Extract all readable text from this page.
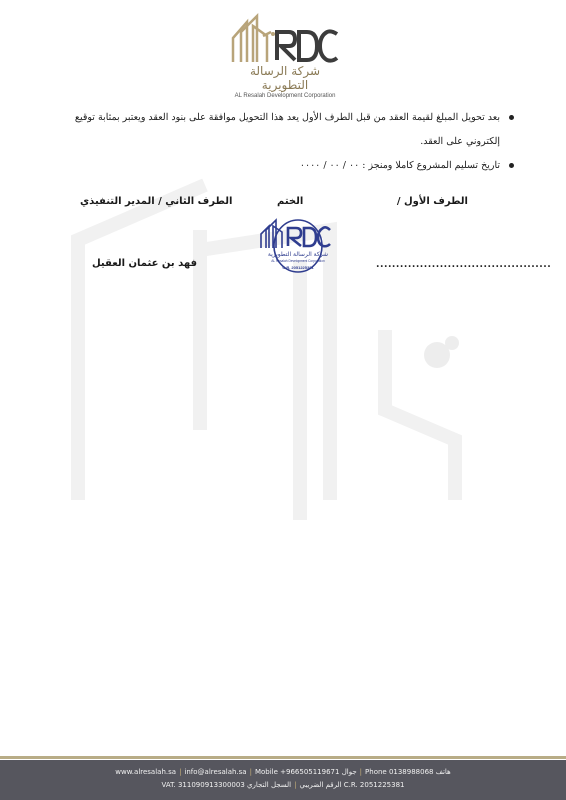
شركة الرسالة التطويرية
AL Resalah Development Corporation
بعد تحويل المبلغ لقيمة العقد من قبل الطرف الأول يعد هذا التحويل موافقة على بنود العقد ويعتبر بمثابة توقيع إلكتروني على العقد.
تاريخ تسليم المشروع كاملا ومنجز : ٠٠ / ٠٠ / ٠٠٠٠
الطرف الأول /
الختم
الطرف الثاني / المدير التنفيذي
فهد بن عثمان العقيل	............................................
شركة الرسالة التطويرية
AL Resalah Development Corporation
C.R. 2051225381
www.alresalah.sa | info@alresalah.sa | Mobile +966505119671 جوال | Phone 0138988068 هاتف
VAT. 311090913300003 الرقم الضريبي|السجل التجاري C.R. 2051225381
